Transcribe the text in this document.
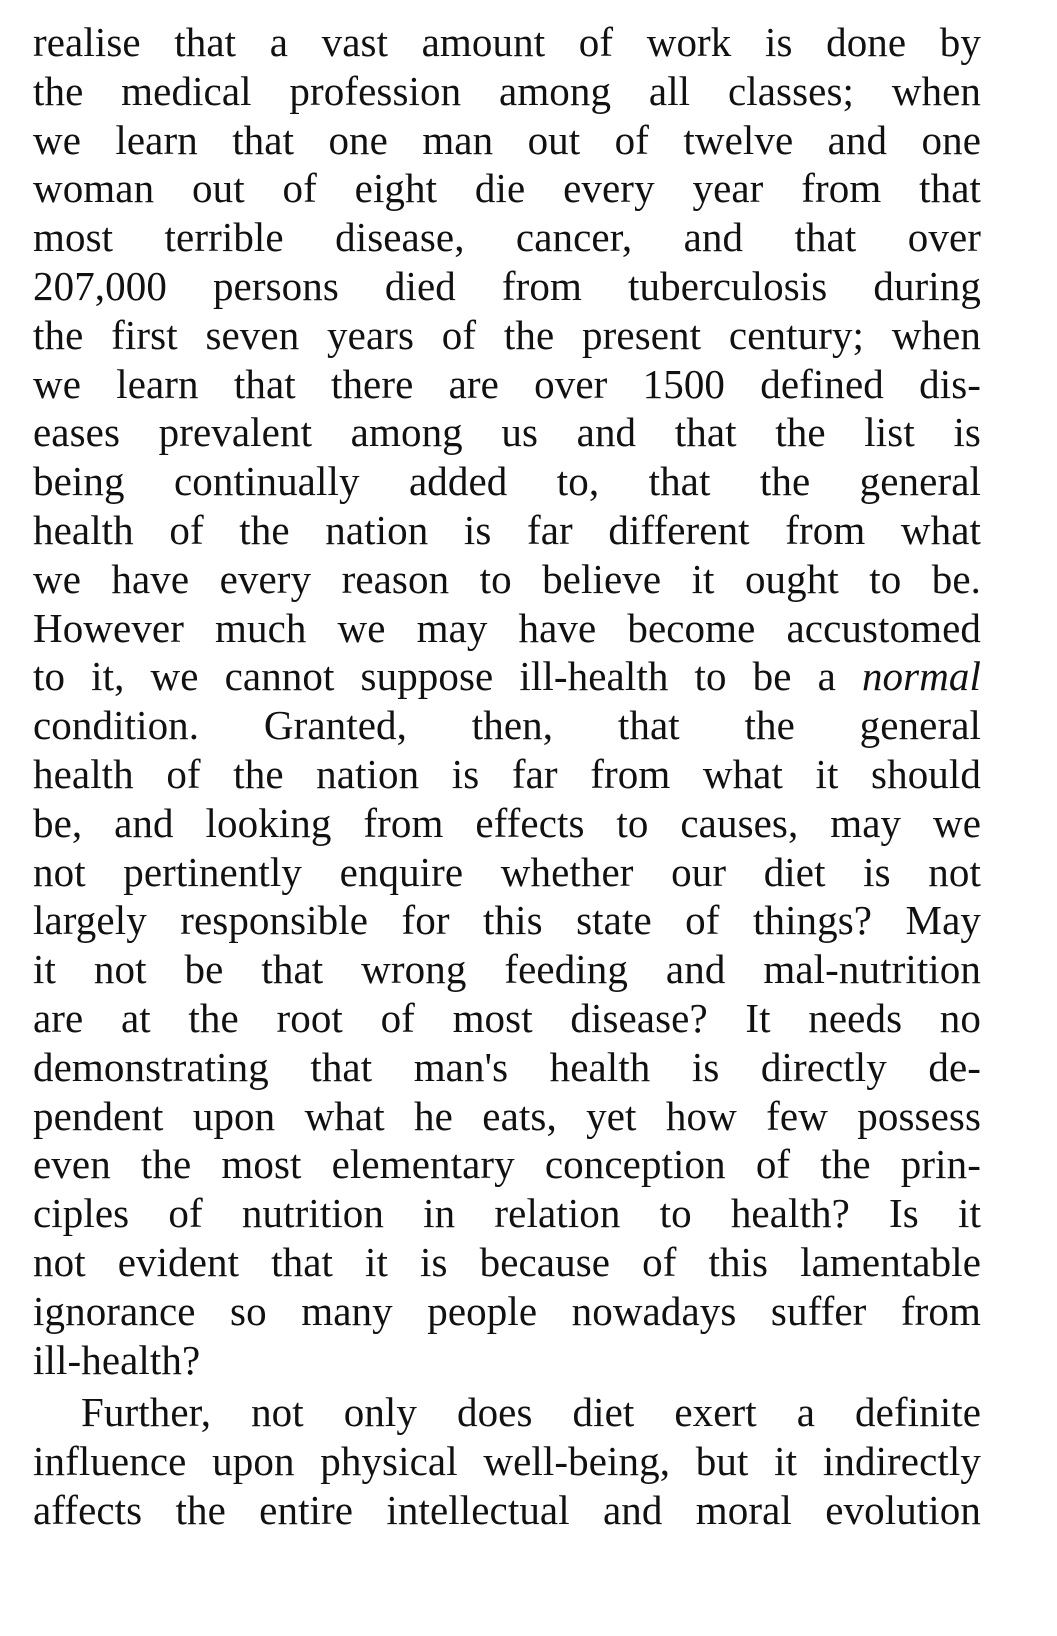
realise that a vast amount of work is done by
the medical profession among all classes; when
we learn that one man out of twelve and one
woman out of eight die every year from that
most terrible disease, cancer, and that over
207,000 persons died from tuberculosis during
the first seven years of the present century; when
we learn that there are over 1500 defined dis-
eases prevalent among us and that the list is
being continually added to, that the general
health of the nation is far different from what
we have every reason to believe it ought to be.
However much we may have become accustomed
to it, we cannot suppose ill-health to be a normal
condition. Granted, then, that the general
health of the nation is far from what it should
be, and looking from effects to causes, may we
not pertinently enquire whether our diet is not
largely responsible for this state of things? May
it not be that wrong feeding and mal-nutrition
are at the root of most disease? It needs no
demonstrating that man's health is directly de-
pendent upon what he eats, yet how few possess
even the most elementary conception of the prin-
ciples of nutrition in relation to health? Is it
not evident that it is because of this lamentable
ignorance so many people nowadays suffer from
ill-health?
Further, not only does diet exert a definite
influence upon physical well-being, but it indirectly
affects the entire intellectual and moral evolution
